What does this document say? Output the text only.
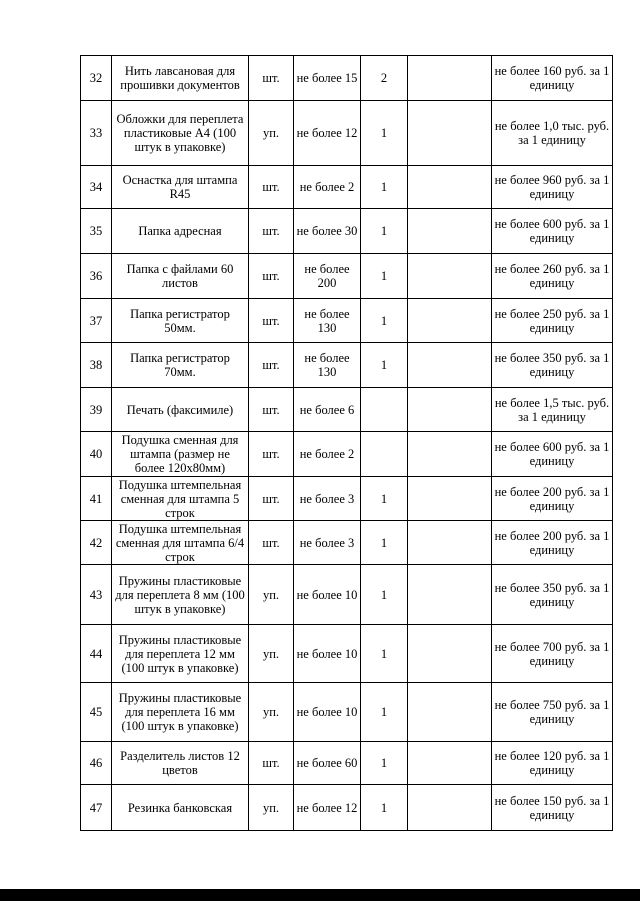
32	Нить лавсановая для прошивки документов	шт.	не более 15	2		не более 160 руб. за 1 единицу
33	Обложки для переплета пластиковые А4 (100 штук в упаковке)	уп.	не более 12	1		не более 1,0 тыс. руб. за 1 единицу
34	Оснастка для штампа R45	шт.	не более 2	1		не более 960 руб. за 1 единицу
35	Папка адресная	шт.	не более 30	1		не более 600 руб. за 1 единицу
36	Папка с файлами 60 листов	шт.	не более 200	1		не более 260 руб. за 1 единицу
37	Папка регистратор 50мм.	шт.	не более 130	1		не более 250 руб. за 1 единицу
38	Папка регистратор 70мм.	шт.	не более 130	1		не более 350 руб. за 1 единицу
39	Печать (факсимиле)	шт.	не более 6			не более 1,5 тыс. руб. за 1 единицу
40	Подушка сменная для штампа (размер не более 120х80мм)	шт.	не более 2			не более 600 руб. за 1 единицу
41	Подушка штемпельная сменная для штампа 5 строк	шт.	не более 3	1		не более 200 руб. за 1 единицу
42	Подушка штемпельная сменная для штампа 6/4 строк	шт.	не более 3	1		не более 200 руб. за 1 единицу
43	Пружины пластиковые для переплета 8 мм (100 штук в упаковке)	уп.	не более 10	1		не более 350 руб. за 1 единицу
44	Пружины пластиковые для переплета 12 мм (100 штук в упаковке)	уп.	не более 10	1		не более 700 руб. за 1 единицу
45	Пружины пластиковые для переплета 16 мм (100 штук в упаковке)	уп.	не более 10	1		не более 750 руб. за 1 единицу
46	Разделитель листов 12 цветов	шт.	не более 60	1		не более 120 руб. за 1 единицу
47	Резинка банковская	уп.	не более 12	1		не более 150 руб. за 1 единицу
